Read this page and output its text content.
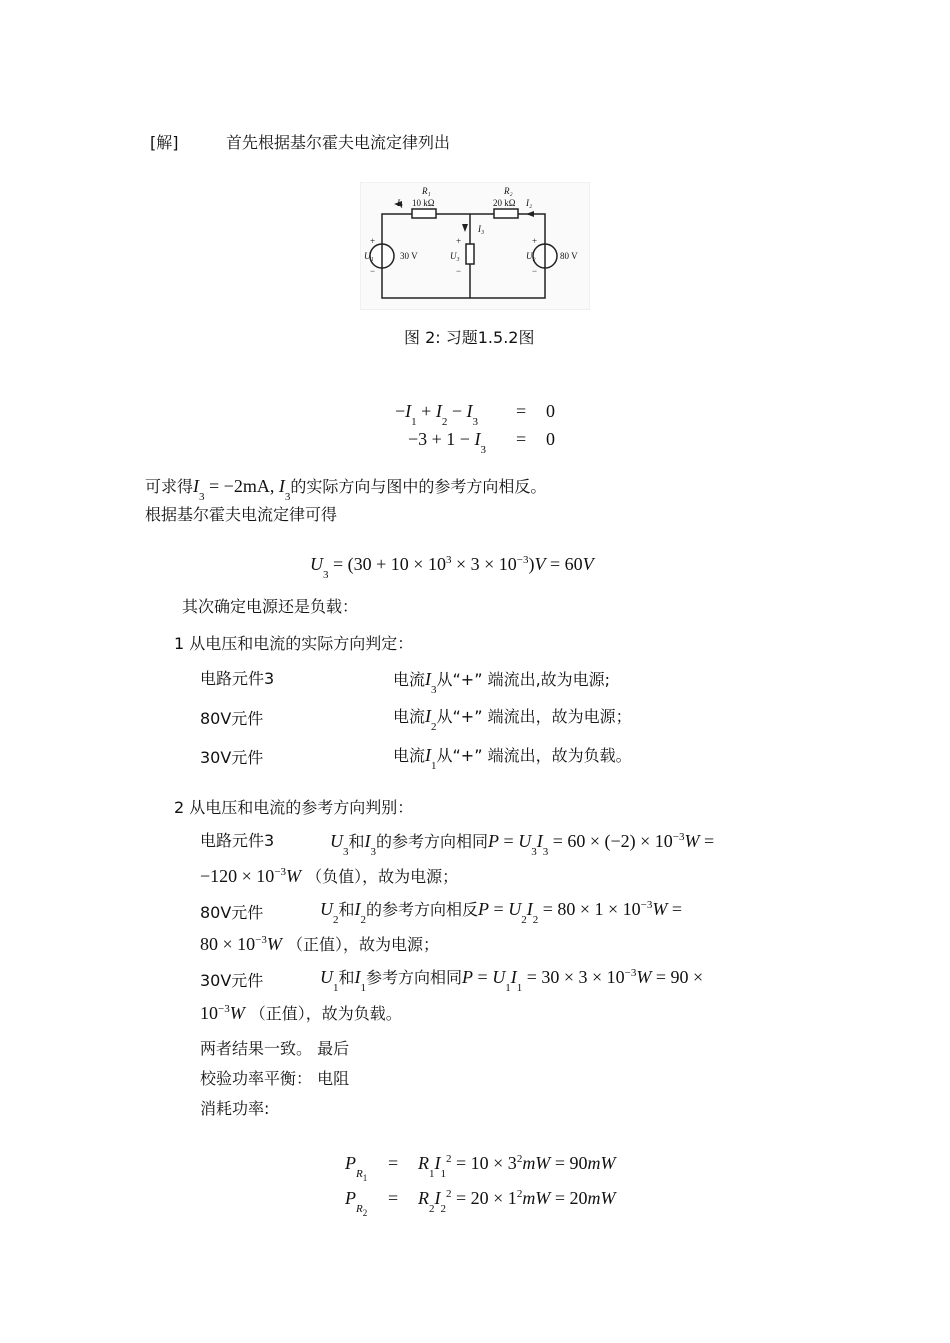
[解]	首先根据基尔霍夫电流定律列出
R₁
10 kΩ
I₁
R₂
20 kΩ I₂
I₃
U₁	U₃	U₂
30 V	80 V
+
−
+
−
+
−
图 2: 习题1.5.2图
$-I_1 + I_2 - I_3$
= 0
$-3 + 1 - I_3$
= 0
可求得$I_3 = -2mA$, $I_3$的实际方向与图中的参考方向相反。
根据基尔霍夫电流定律可得
$U_3 = (30 + 10 \times 10^3 \times 3 \times 10^{-3})V = 60V$
其次确定电源还是负载：
1 从电压和电流的实际方向判定：
电路元件3	电流$I_3$从“+” 端流出,故为电源;
80V元件	电流$I_2$从“+” 端流出，故为电源；
30V元件	电流$I_1$从“+” 端流出，故为负载。
2 从电压和电流的参考方向判别：
电路元件3	$U_3$和$I_3$的参考方向相同$P = U_3I_3 = 60 \times (-2) \times 10^{-3}W$ =
$-120 \times 10^{-3}W$ （负值），故为电源；
80V元件	$U_2$和$I_2$的参考方向相反$P = U_2I_2 = 80 \times 1 \times 10^{-3}W$ =
$80 \times 10^{-3}W$ （正值），故为电源；
30V元件	$U_1$和$I_1$参考方向相同$P = U_1I_1 = 30 \times 3 \times 10^{-3}W = 90$ ×
$10^{-3}W$ （正值），故为负载。
两者结果一致。 最后
校验功率平衡： 电阻
消耗功率:
$P_{R1}$
= $R_1I_1^2 = 10 \times 3^2mW = 90mW$
$P_{R2}$
= $R_2I_2^2 = 20 \times 1^2mW = 20mW$
